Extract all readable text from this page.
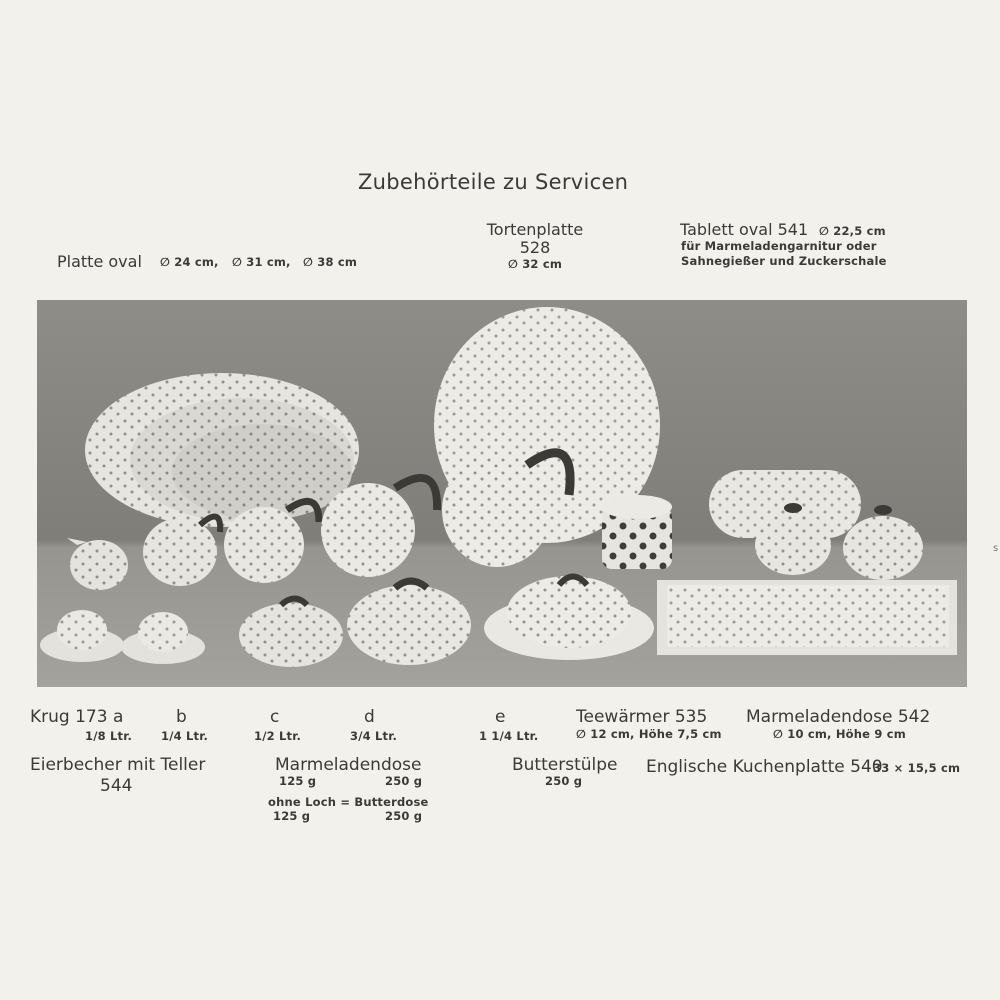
Zubehörteile zu Servicen
Platte oval ∅ 24 cm, ∅ 31 cm, ∅ 38 cm
Tortenplatte
528
∅ 32 cm
Tablett oval 541 ∅ 22,5 cm
für Marmeladengarnitur oder
Sahnegießer und Zuckerschale
Krug 173 a
1/8 Ltr.
b
1/4 Ltr.
c
1/2 Ltr.
d
3/4 Ltr.
e
1 1/4 Ltr.
Teewärmer 535
∅ 12 cm, Höhe 7,5 cm
Marmeladendose 542
∅ 10 cm, Höhe 9 cm
Eierbecher mit Teller
544
Marmeladendose
125 g	250 g
ohne Loch = Butterdose
125 g	250 g
Butterstülpe
250 g
Englische Kuchenplatte 540
33 × 15,5 cm
s
